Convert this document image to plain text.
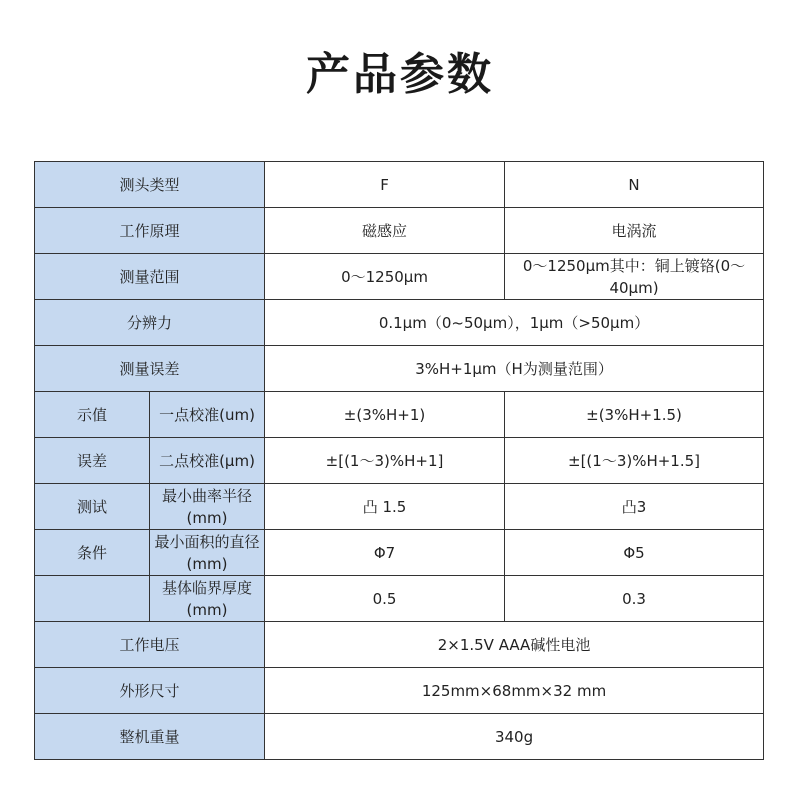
产品参数
测头类型		F	N
工作原理		磁感应	电涡流
测量范围		0～1250μm	0～1250μm其中：铜上镀铬(0～40μm)
分辨力		0.1μm（0~50μm），1μm（>50μm）	
测量误差		3%H+1μm（H为测量范围）	
示值	一点校准(um)	±(3%H+1)	±(3%H+1.5)
误差	二点校准(μm)	±[(1～3)%H+1]	±[(1～3)%H+1.5]
测试	最小曲率半径(mm)	凸 1.5	凸3
条件	最小面积的直径(mm)	Φ7	Φ5
	基体临界厚度(mm)	0.5	0.3
工作电压		2×1.5V AAA碱性电池	
外形尺寸		125mm×68mm×32 mm	
整机重量		340g	
